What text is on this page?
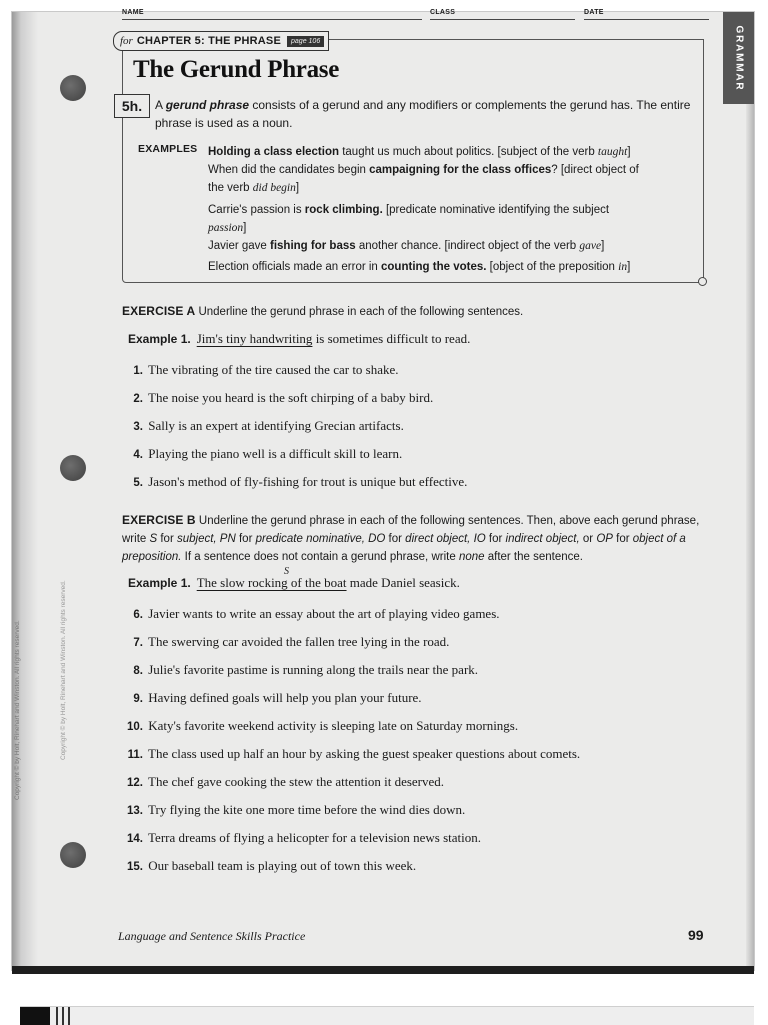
NAME	CLASS	DATE
GRAMMAR
for CHAPTER 5: THE PHRASE	page 106
The Gerund Phrase
5h.	A gerund phrase consists of a gerund and any modifiers or complements the gerund has. The entire phrase is used as a noun.
EXAMPLES Holding a class election taught us much about politics. [subject of the verb taught]
When did the candidates begin campaigning for the class offices? [direct object of
the verb did begin]
Carrie's passion is rock climbing. [predicate nominative identifying the subject
passion]
Javier gave fishing for bass another chance. [indirect object of the verb gave]
Election officials made an error in counting the votes. [object of the preposition in]
EXERCISE A Underline the gerund phrase in each of the following sentences.
Example 1. Jim's tiny handwriting is sometimes difficult to read.
1. The vibrating of the tire caused the car to shake.
2. The noise you heard is the soft chirping of a baby bird.
3. Sally is an expert at identifying Grecian artifacts.
4. Playing the piano well is a difficult skill to learn.
5. Jason's method of fly-fishing for trout is unique but effective.
EXERCISE B Underline the gerund phrase in each of the following sentences. Then, above each gerund phrase, write S for subject, PN for predicate nominative, DO for direct object, IO for indirect object, or OP for object of a preposition. If a sentence does not contain a gerund phrase, write none after the sentence.
S
Example 1. The slow rocking of the boat made Daniel seasick.
6. Javier wants to write an essay about the art of playing video games.
7. The swerving car avoided the fallen tree lying in the road.
8. Julie's favorite pastime is running along the trails near the park.
9. Having defined goals will help you plan your future.
10. Katy's favorite weekend activity is sleeping late on Saturday mornings.
11. The class used up half an hour by asking the guest speaker questions about comets.
12. The chef gave cooking the stew the attention it deserved.
13. Try flying the kite one more time before the wind dies down.
14. Terra dreams of flying a helicopter for a television news station.
15. Our baseball team is playing out of town this week.
Language and Sentence Skills Practice	99
Copyright © by Holt, Rinehart and Winston. All rights reserved.	Copyright © by Holt, Rinehart and Winston. All rights reserved.
